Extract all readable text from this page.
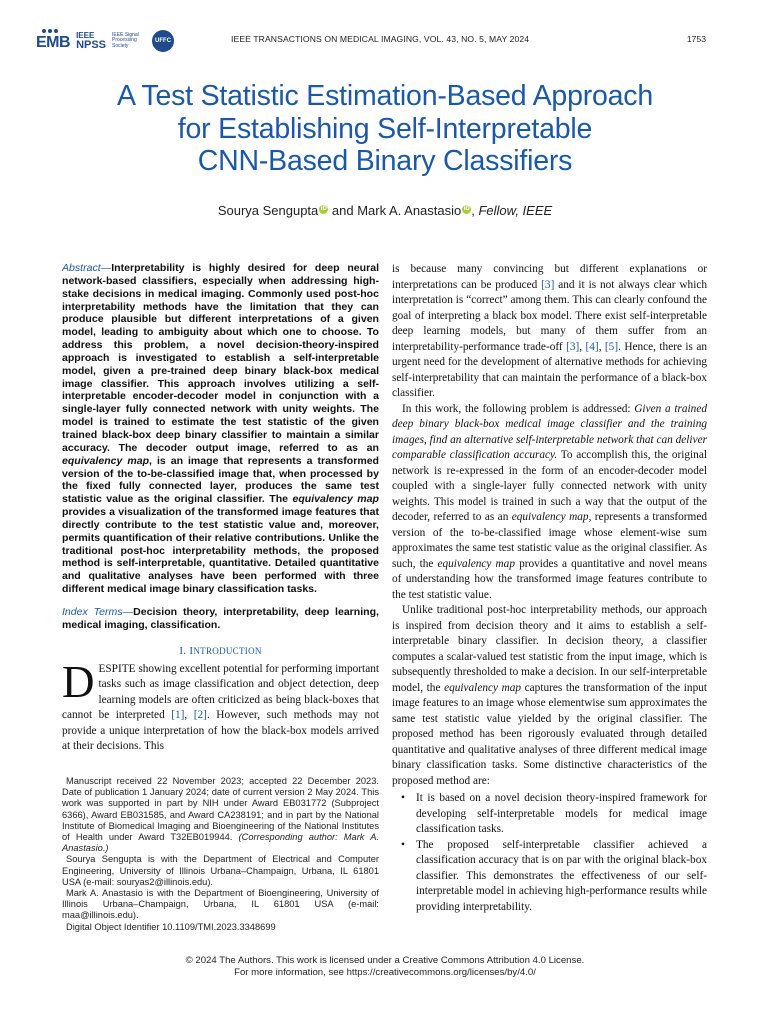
EMB IEEE
NPSS
IEEE Signal Processing Society
UFFC	IEEE TRANSACTIONS ON MEDICAL IMAGING, VOL. 43, NO. 5, MAY 2024	1753
A Test Statistic Estimation-Based Approach
for Establishing Self-Interpretable
CNN-Based Binary Classifiers
Sourya Sengupta iD and Mark A. Anastasio iD , Fellow, IEEE

Abstract—Interpretability is highly desired for deep neural network-based classifiers, especially when addressing high-stake decisions in medical imaging. Commonly used post-hoc interpretability methods have the limitation that they can produce plausible but different interpretations of a given model, leading to ambiguity about which one to choose. To address this problem, a novel decision-theory-inspired approach is investigated to establish a self-interpretable model, given a pre-trained deep binary black-box medical image classifier. This approach involves utilizing a self-interpretable encoder-decoder model in conjunction with a single-layer fully connected network with unity weights. The model is trained to estimate the test statistic of the given trained black-box deep binary classifier to maintain a similar accuracy. The decoder output image, referred to as an equivalency map, is an image that represents a transformed version of the to-be-classified image that, when processed by the fixed fully connected layer, produces the same test statistic value as the original classifier. The equivalency map provides a visualization of the transformed image features that directly contribute to the test statistic value and, moreover, permits quantification of their relative contributions. Unlike the traditional post-hoc interpretability methods, the proposed method is self-interpretable, quantitative. Detailed quantitative and qualitative analyses have been performed with three different medical image binary classification tasks.

Index Terms—Decision theory, interpretability, deep learning, medical imaging, classification.

I. INTRODUCTION

DESPITE showing excellent potential for performing important tasks such as image classification and object detection, deep learning models are often criticized as being black-boxes that cannot be interpreted [1], [2]. However, such methods may not provide a unique interpretation of how the black-box models arrived at their decisions. This

Manuscript received 22 November 2023; accepted 22 December 2023. Date of publication 1 January 2024; date of current version 2 May 2024. This work was supported in part by NIH under Award EB031772 (Subproject 6366), Award EB031585, and Award CA238191; and in part by the National Institute of Biomedical Imaging and Bioengineering of the National Institutes of Health under Award T32EB019944. (Corresponding author: Mark A. Anastasio.)

Sourya Sengupta is with the Department of Electrical and Computer Engineering, University of Illinois Urbana–Champaign, Urbana, IL 61801 USA (e-mail: souryas2@illinois.edu).

Mark A. Anastasio is with the Department of Bioengineering, University of Illinois Urbana–Champaign, Urbana, IL 61801 USA (e-mail: maa@illinois.edu).

Digital Object Identifier 10.1109/TMI.2023.3348699

is because many convincing but different explanations or interpretations can be produced [3] and it is not always clear which interpretation is “correct” among them. This can clearly confound the goal of interpreting a black box model. There exist self-interpretable deep learning models, but many of them suffer from an interpretability-performance trade-off [3], [4], [5]. Hence, there is an urgent need for the development of alternative methods for achieving self-interpretability that can maintain the performance of a black-box classifier.

In this work, the following problem is addressed: Given a trained deep binary black-box medical image classifier and the training images, find an alternative self-interpretable network that can deliver comparable classification accuracy. To accomplish this, the original network is re-expressed in the form of an encoder-decoder model coupled with a single-layer fully connected network with unity weights. This model is trained in such a way that the output of the decoder, referred to as an equivalency map, represents a transformed version of the to-be-classified image whose element-wise sum approximates the same test statistic value as the original classifier. As such, the equivalency map provides a quantitative and novel means of understanding how the transformed image features contribute to the test statistic value.

Unlike traditional post-hoc interpretability methods, our approach is inspired from decision theory and it aims to establish a self-interpretable binary classifier. In decision theory, a classifier computes a scalar-valued test statistic from the input image, which is subsequently thresholded to make a decision. In our self-interpretable model, the equivalency map captures the transformation of the input image features to an image whose elementwise sum approximates the same test statistic value yielded by the original classifier. The proposed method has been rigorously evaluated through detailed quantitative and qualitative analyses of three different medical image binary classification tasks. Some distinctive characteristics of the proposed method are:

• It is based on a novel decision theory-inspired framework for developing self-interpretable models for medical image classification tasks.
• The proposed self-interpretable classifier achieved a classification accuracy that is on par with the original black-box classifier. This demonstrates the effectiveness of our self-interpretable model in achieving high-performance results while providing interpretability.
© 2024 The Authors. This work is licensed under a Creative Commons Attribution 4.0 License.
For more information, see https://creativecommons.org/licenses/by/4.0/
